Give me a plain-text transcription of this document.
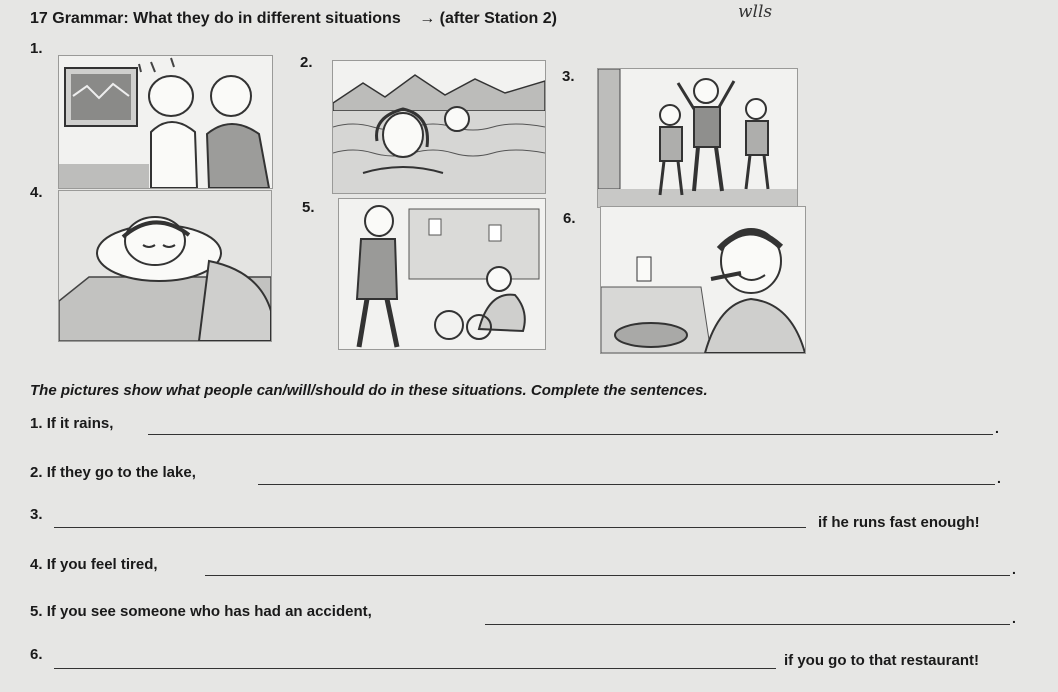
17 Grammar: What they do in different situations → (after Station 2)	wlls
1.
2.
3.
4.
5.
6.
The pictures show what people can/will/should do in these situations. Complete the sentences.
1. If it rains,	.
2. If they go to the lake,	.
3.	if he runs fast enough!
4. If you feel tired,	.
5. If you see someone who has had an accident,	.
6.	if you go to that restaurant!
